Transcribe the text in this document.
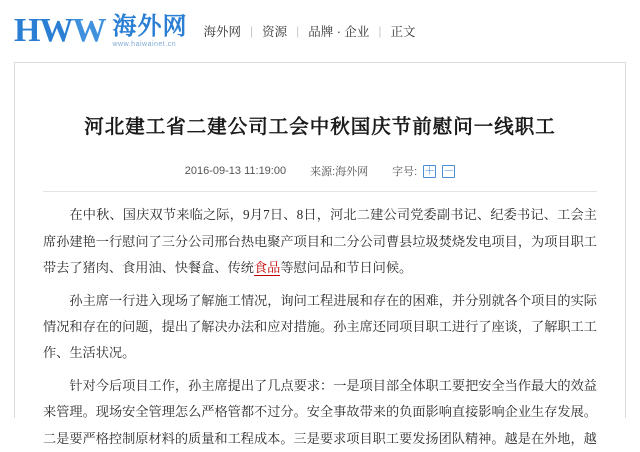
HWW 海外网
www.haiwainet.cn
海外网 | 资源 | 品牌 · 企业 | 正文
河北建工省二建公司工会中秋国庆节前慰问一线职工
2016-09-13 11:19:00 来源:海外网 字号: ＋ －

在中秋、国庆双节来临之际，9月7日、8日，河北二建公司党委副书记、纪委书记、工会主席孙建艳一行慰问了三分公司邢台热电聚产项目和二分公司曹县垃圾焚烧发电项目，为项目职工带去了猪肉、食用油、快餐盒、传统食品等慰问品和节日问候。

孙主席一行进入现场了解施工情况，询问工程进展和存在的困难，并分别就各个项目的实际情况和存在的问题，提出了解决办法和应对措施。孙主席还同项目职工进行了座谈，了解职工工作、生活状况。

针对今后项目工作，孙主席提出了几点要求：一是项目部全体职工要把安全当作最大的效益来管理。现场安全管理怎么严格管都不过分。安全事故带来的负面影响直接影响企业生存发展。二是要严格控制原材料的质量和工程成本。三是要求项目职工要发扬团队精神。越是在外地，越
